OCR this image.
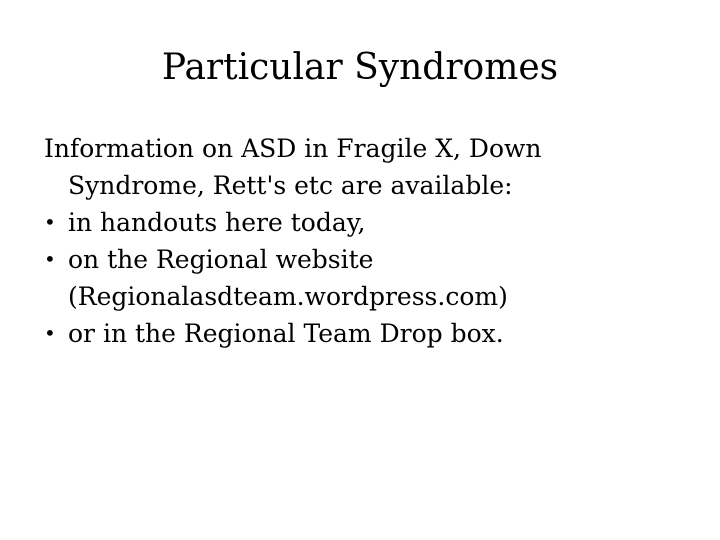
Particular Syndromes

Information on ASD in Fragile X, Down Syndrome, Rett's etc are available:

• in handouts here today,
• on the Regional website (Regionalasdteam.wordpress.com)
• or in the Regional Team Drop box.
